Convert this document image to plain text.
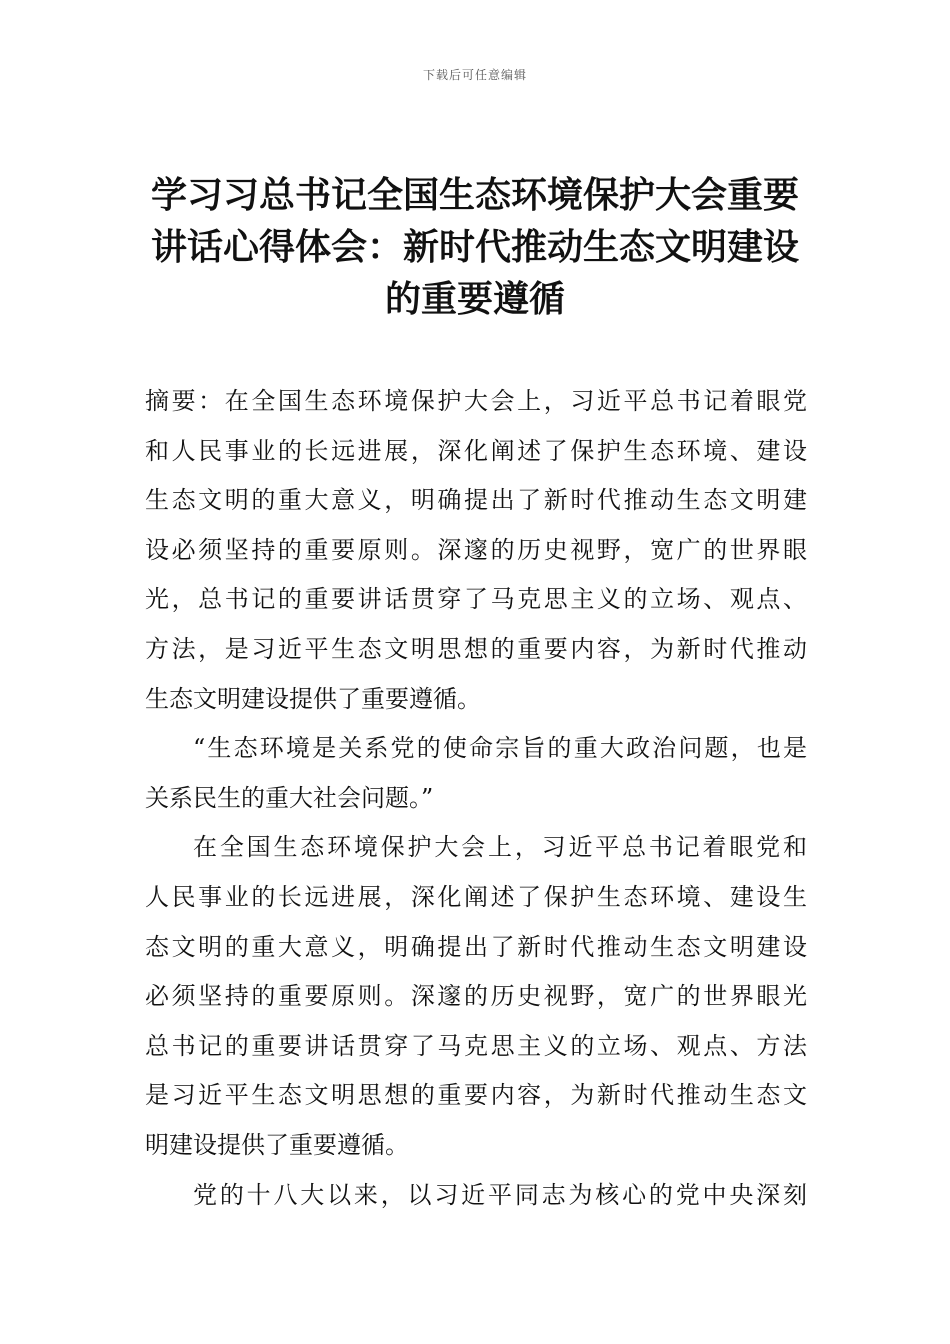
下载后可任意编辑
学习习总书记全国生态环境保护大会重要
讲话心得体会：新时代推动生态文明建设
的重要遵循
摘要：在全国生态环境保护大会上，习近平总书记着眼党
和人民事业的长远进展，深化阐述了保护生态环境、建设
生态文明的重大意义，明确提出了新时代推动生态文明建
设必须坚持的重要原则。深邃的历史视野，宽广的世界眼
光，总书记的重要讲话贯穿了马克思主义的立场、观点、
方法，是习近平生态文明思想的重要内容，为新时代推动
生态文明建设提供了重要遵循。
“生态环境是关系党的使命宗旨的重大政治问题，也是
关系民生的重大社会问题。”
在全国生态环境保护大会上，习近平总书记着眼党和
人民事业的长远进展，深化阐述了保护生态环境、建设生
态文明的重大意义，明确提出了新时代推动生态文明建设
必须坚持的重要原则。深邃的历史视野，宽广的世界眼光
总书记的重要讲话贯穿了马克思主义的立场、观点、方法
是习近平生态文明思想的重要内容，为新时代推动生态文
明建设提供了重要遵循。
党的十八大以来，以习近平同志为核心的党中央深刻
